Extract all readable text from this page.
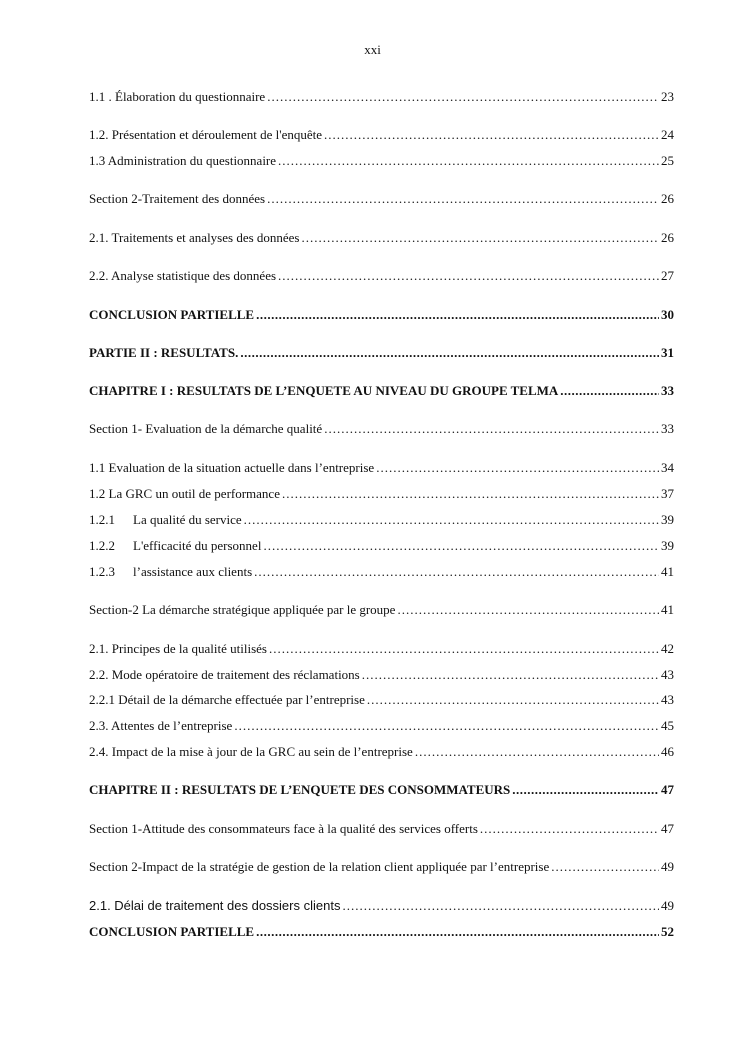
xxi
1.1 . Élaboration du questionnaire .....	23
1.2. Présentation et déroulement de l'enquête .....	24
1.3 Administration du questionnaire .....	25
Section 2-Traitement des données .....	26
2.1. Traitements et analyses des données .....	26
2.2. Analyse statistique des données .....	27
CONCLUSION PARTIELLE .....	30
PARTIE II : RESULTATS. .....	31
CHAPITRE I : RESULTATS DE L’ENQUETE AU NIVEAU DU GROUPE TELMA .....	33
Section 1- Evaluation de la démarche qualité .....	33
1.1 Evaluation de la situation actuelle dans l’entreprise .....	34
1.2 La GRC un outil de performance .....	37
1.2.1 La qualité du service .....	39
1.2.2 L'efficacité du personnel .....	39
1.2.3 l’assistance aux clients .....	41
Section-2 La démarche stratégique appliquée par le groupe .....	41
2.1. Principes de la qualité utilisés .....	42
2.2. Mode opératoire de traitement des réclamations .....	43
2.2.1 Détail de la démarche effectuée par l’entreprise .....	43
2.3. Attentes de l’entreprise .....	45
2.4. Impact de la mise à jour de la GRC au sein de l’entreprise .....	46
CHAPITRE II : RESULTATS DE L’ENQUETE DES CONSOMMATEURS .....	47
Section 1-Attitude des consommateurs face à la qualité des services offerts .....	47
Section 2-Impact de la stratégie de gestion de la relation client appliquée par l’entreprise .....	49
2.1. Délai de traitement des dossiers clients .....	49
CONCLUSION PARTIELLE .....	52
